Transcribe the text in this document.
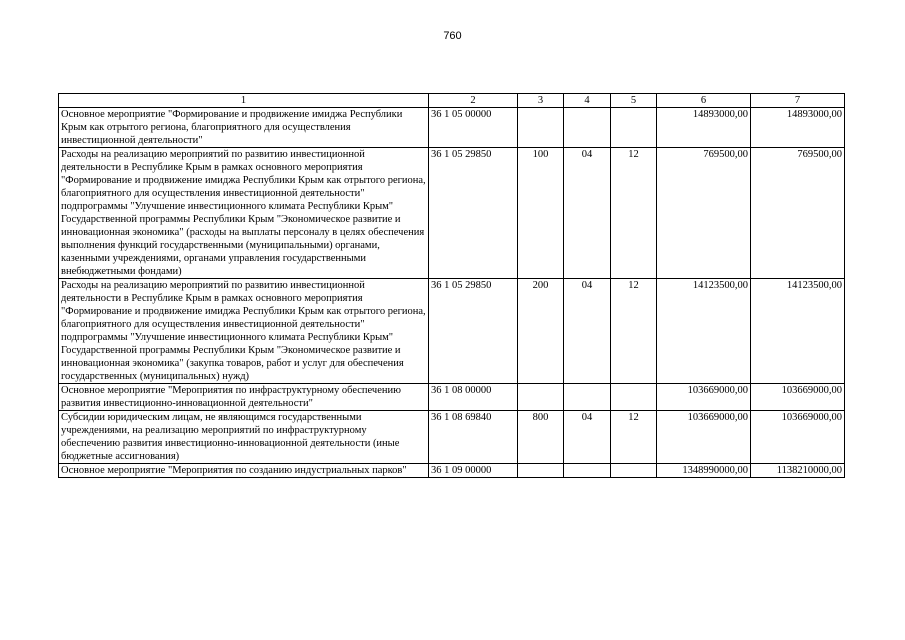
760
1	2	3	4	5	6	7
Основное мероприятие "Формирование и продвижение имиджа Республики Крым как отрытого региона, благоприятного для осуществления инвестиционной деятельности"	36 1 05 00000				14893000,00	14893000,00
Расходы на реализацию мероприятий по развитию инвестиционной деятельности в Республике Крым в рамках основного мероприятия "Формирование и продвижение имиджа Республики Крым как отрытого региона, благоприятного для осуществления инвестиционной деятельности" подпрограммы "Улучшение инвестиционного климата Республики Крым" Государственной программы Республики Крым "Экономическое развитие и инновационная экономика" (расходы на выплаты персоналу в целях обеспечения выполнения функций государственными (муниципальными) органами, казенными учреждениями, органами управления государственными внебюджетными фондами)	36 1 05 29850	100	04	12	769500,00	769500,00
Расходы на реализацию мероприятий по развитию инвестиционной деятельности в Республике Крым в рамках основного мероприятия "Формирование и продвижение имиджа Республики Крым как отрытого региона, благоприятного для осуществления инвестиционной деятельности" подпрограммы "Улучшение инвестиционного климата Республики Крым" Государственной программы Республики Крым "Экономическое развитие и инновационная экономика" (закупка товаров, работ и услуг для обеспечения государственных (муниципальных) нужд)	36 1 05 29850	200	04	12	14123500,00	14123500,00
Основное мероприятие "Мероприятия по инфраструктурному обеспечению развития инвестиционно-инновационной деятельности"	36 1 08 00000				103669000,00	103669000,00
Субсидии юридическим лицам, не являющимся государственными учреждениями, на реализацию мероприятий по инфраструктурному обеспечению развития инвестиционно-инновационной деятельности (иные бюджетные ассигнования)	36 1 08 69840	800	04	12	103669000,00	103669000,00
Основное мероприятие "Мероприятия по созданию индустриальных парков"	36 1 09 00000				1348990000,00	1138210000,00
